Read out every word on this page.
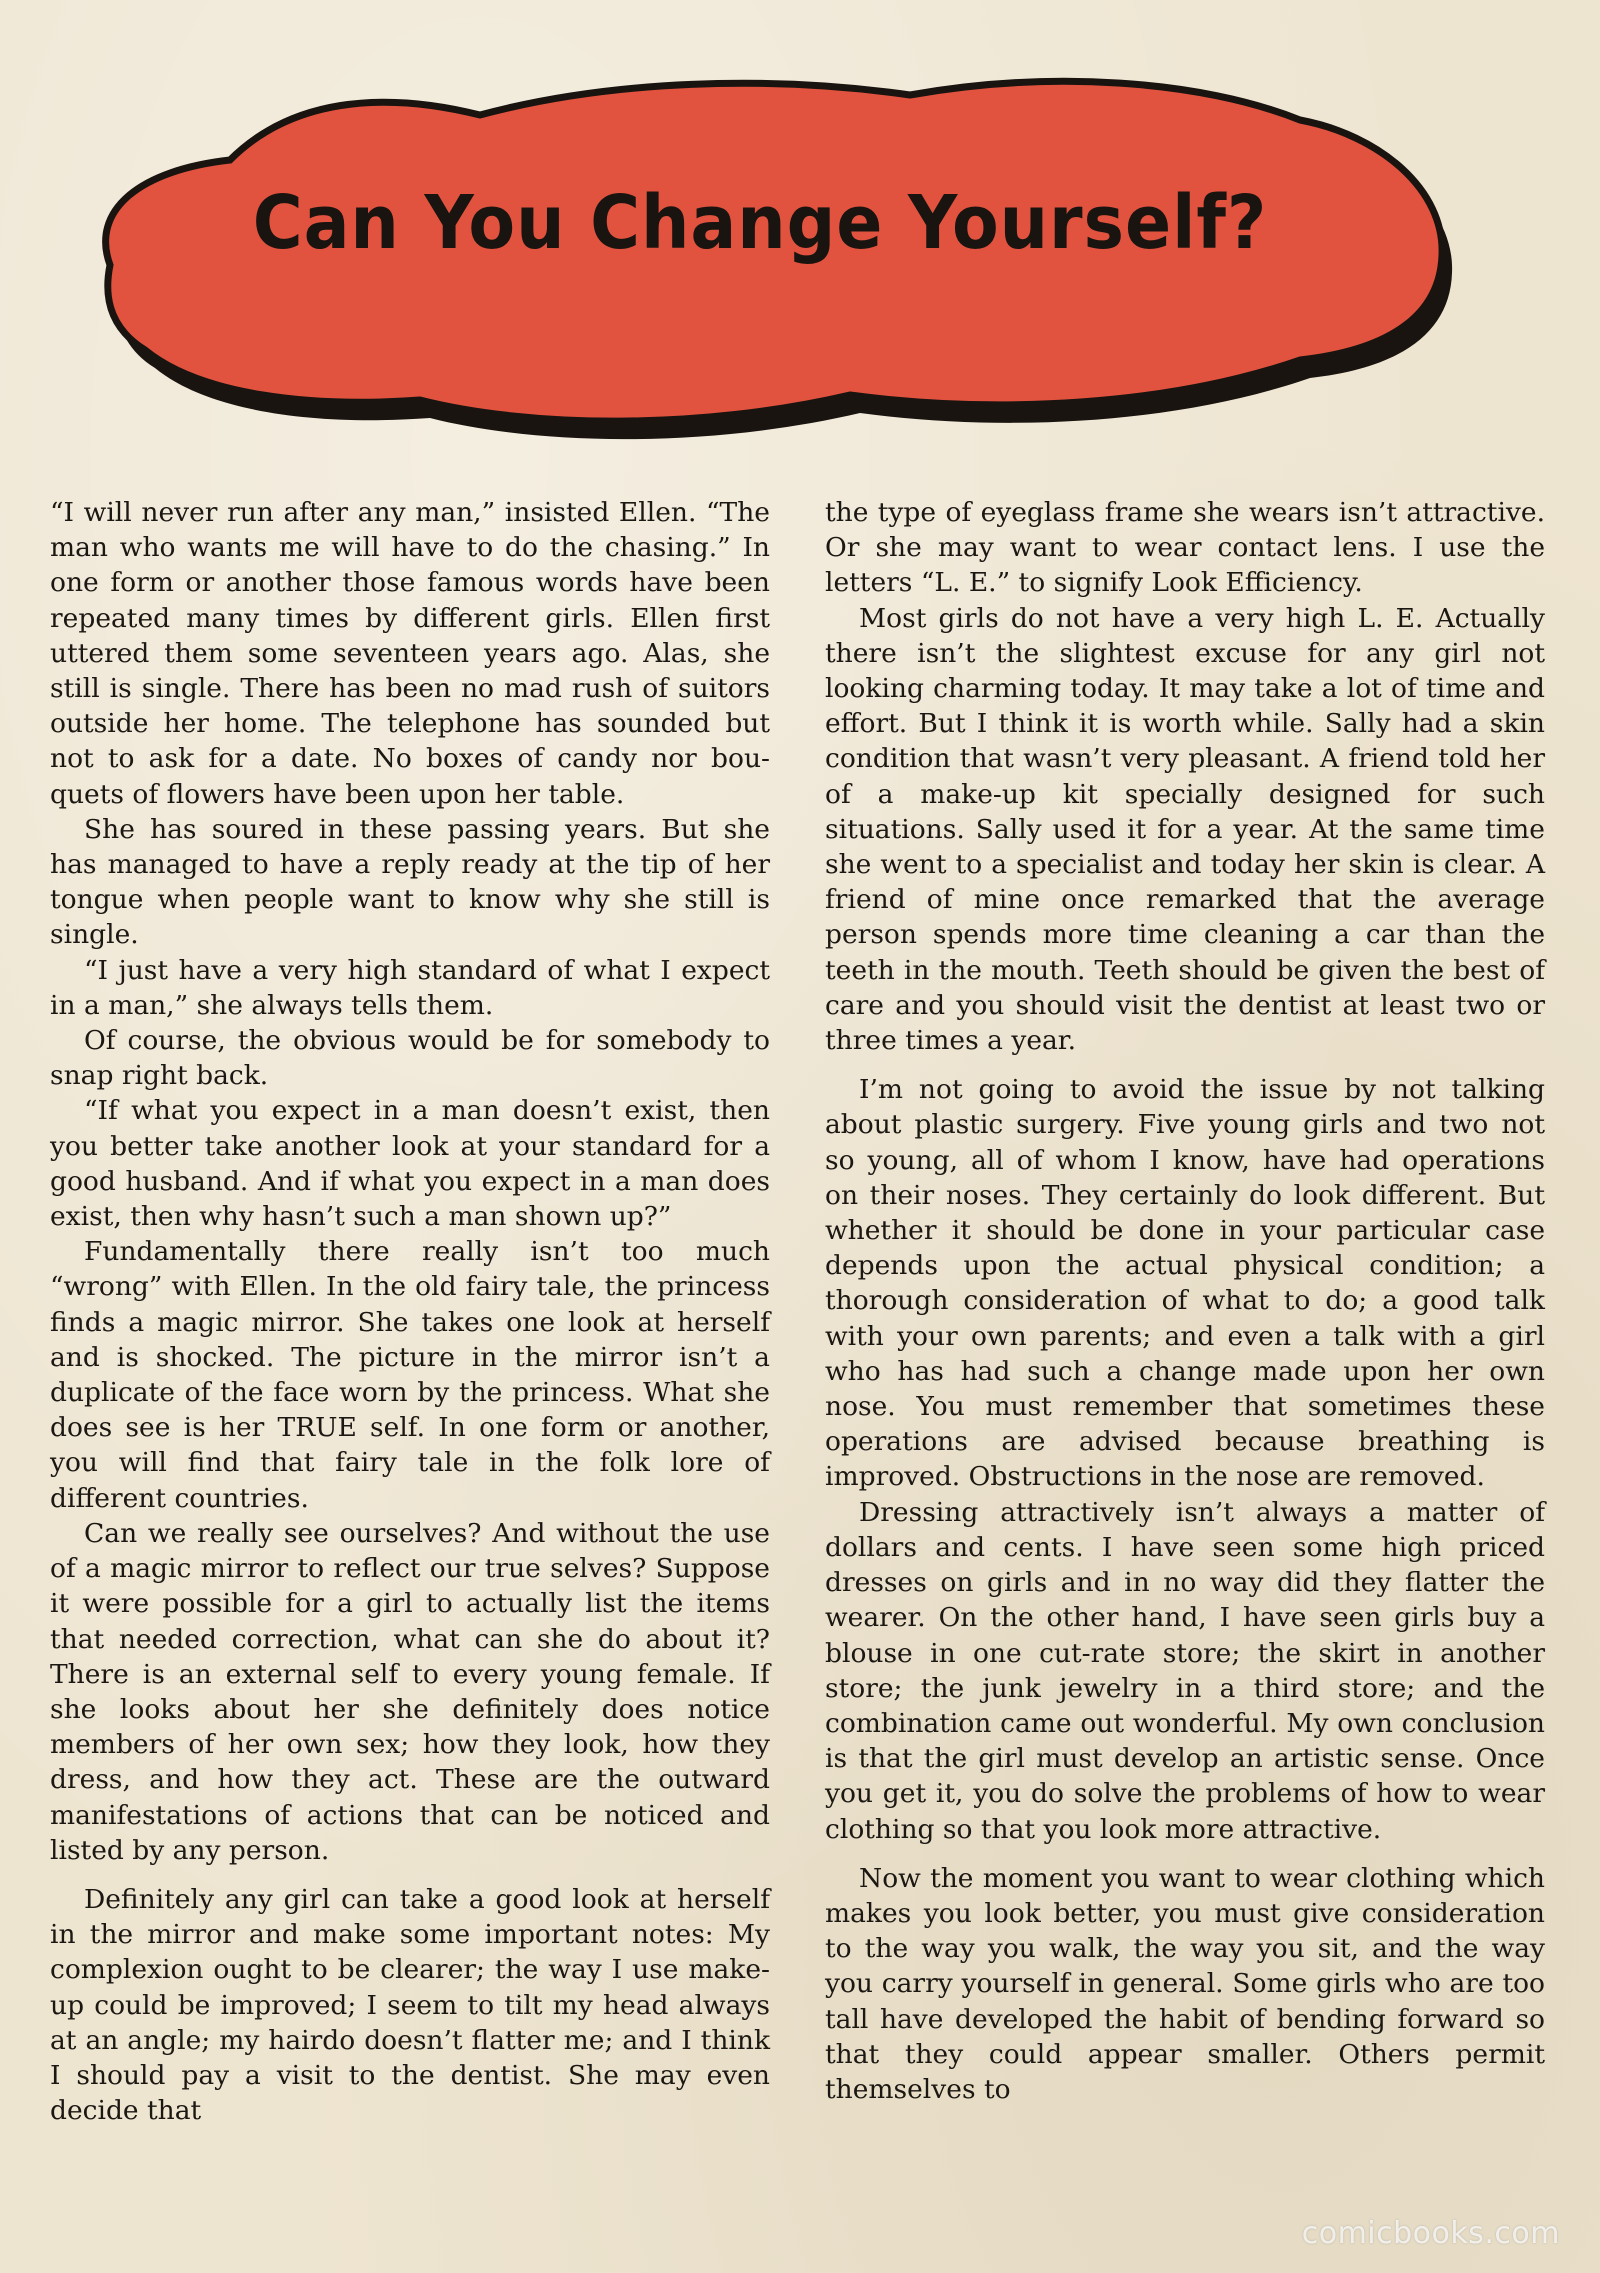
Can You Change Yourself?

“I will never run after any man,” insisted Ellen. “The man who wants me will have to do the chasing.” In one form or another those famous words have been repeated many times by different girls. Ellen first uttered them some seventeen years ago. Alas, she still is single. There has been no mad rush of suitors outside her home. The telephone has sounded but not to ask for a date. No boxes of candy nor bouquets of flowers have been upon her table.

She has soured in these passing years. But she has managed to have a reply ready at the tip of her tongue when people want to know why she still is single.

“I just have a very high standard of what I expect in a man,” she always tells them.

Of course, the obvious would be for somebody to snap right back.

“If what you expect in a man doesn’t exist, then you better take another look at your standard for a good husband. And if what you expect in a man does exist, then why hasn’t such a man shown up?”

Fundamentally there really isn’t too much “wrong” with Ellen. In the old fairy tale, the princess finds a magic mirror. She takes one look at herself and is shocked. The picture in the mirror isn’t a duplicate of the face worn by the princess. What she does see is her TRUE self. In one form or another, you will find that fairy tale in the folk lore of different countries.

Can we really see ourselves? And without the use of a magic mirror to reflect our true selves? Suppose it were possible for a girl to actually list the items that needed correction, what can she do about it? There is an external self to every young female. If she looks about her she definitely does notice members of her own sex; how they look, how they dress, and how they act. These are the outward manifestations of actions that can be noticed and listed by any person.

Definitely any girl can take a good look at herself in the mirror and make some important notes: My complexion ought to be clearer; the way I use make-up could be improved; I seem to tilt my head always at an angle; my hairdo doesn’t flatter me; and I think I should pay a visit to the dentist. She may even decide that

the type of eyeglass frame she wears isn’t attractive. Or she may want to wear contact lens. I use the letters “L. E.” to signify Look Efficiency.

Most girls do not have a very high L. E. Actually there isn’t the slightest excuse for any girl not looking charming today. It may take a lot of time and effort. But I think it is worth while. Sally had a skin condition that wasn’t very pleasant. A friend told her of a make-up kit specially designed for such situations. Sally used it for a year. At the same time she went to a specialist and today her skin is clear. A friend of mine once remarked that the average person spends more time cleaning a car than the teeth in the mouth. Teeth should be given the best of care and you should visit the dentist at least two or three times a year.

I’m not going to avoid the issue by not talking about plastic surgery. Five young girls and two not so young, all of whom I know, have had operations on their noses. They certainly do look different. But whether it should be done in your particular case depends upon the actual physical condition; a thorough consideration of what to do; a good talk with your own parents; and even a talk with a girl who has had such a change made upon her own nose. You must remember that sometimes these operations are advised because breathing is improved. Obstructions in the nose are removed.

Dressing attractively isn’t always a matter of dollars and cents. I have seen some high priced dresses on girls and in no way did they flatter the wearer. On the other hand, I have seen girls buy a blouse in one cut-rate store; the skirt in another store; the junk jewelry in a third store; and the combination came out wonderful. My own conclusion is that the girl must develop an artistic sense. Once you get it, you do solve the problems of how to wear clothing so that you look more attractive.

Now the moment you want to wear clothing which makes you look better, you must give consideration to the way you walk, the way you sit, and the way you carry yourself in general. Some girls who are too tall have developed the habit of bending forward so that they could appear smaller. Others permit themselves to

comicbooks.com
